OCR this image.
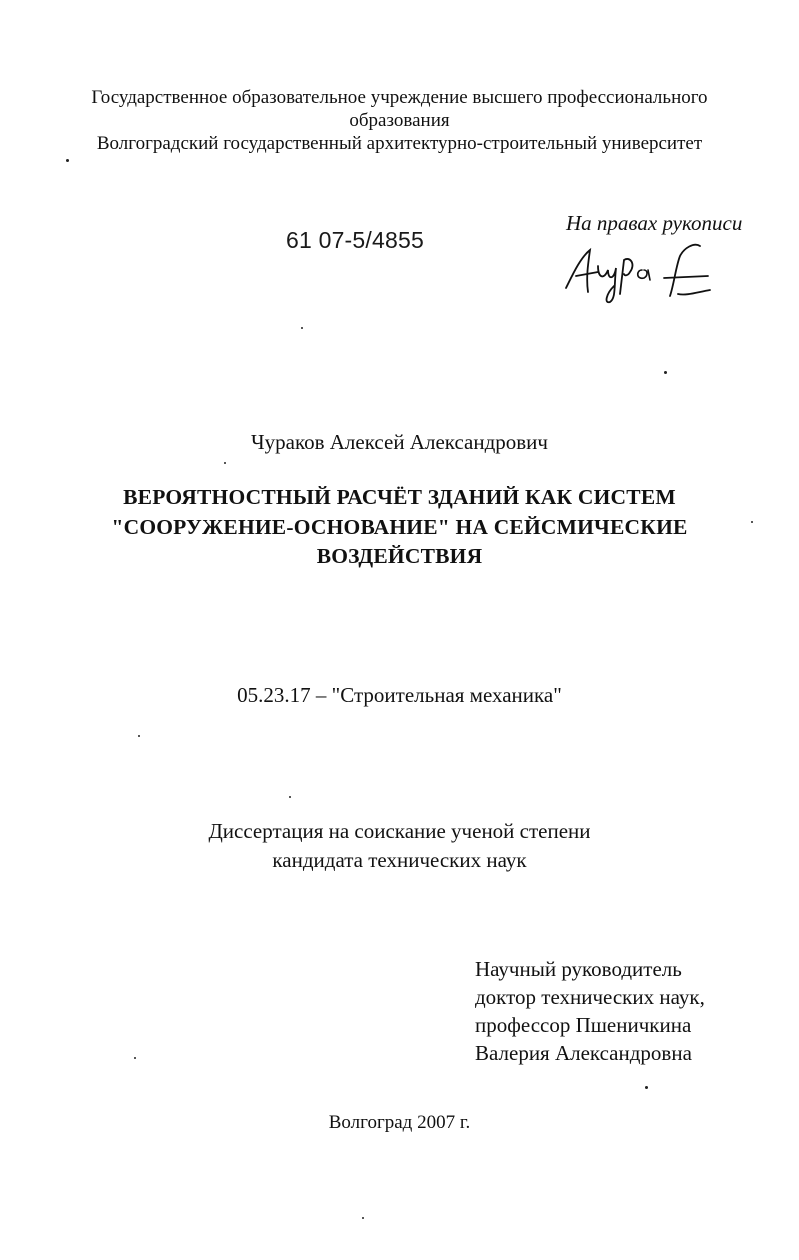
Государственное образовательное учреждение высшего профессионального
образования
Волгоградский государственный архитектурно-строительный университет
61 07-5/4855
На правах рукописи
Чураков Алексей Александрович
ВЕРОЯТНОСТНЫЙ РАСЧЁТ ЗДАНИЙ КАК СИСТЕМ
"СООРУЖЕНИЕ-ОСНОВАНИЕ" НА СЕЙСМИЧЕСКИЕ
ВОЗДЕЙСТВИЯ
05.23.17 – "Строительная механика"
Диссертация на соискание ученой степени
кандидата технических наук
Научный руководитель
доктор технических наук,
профессор Пшеничкина
Валерия Александровна
Волгоград 2007 г.
